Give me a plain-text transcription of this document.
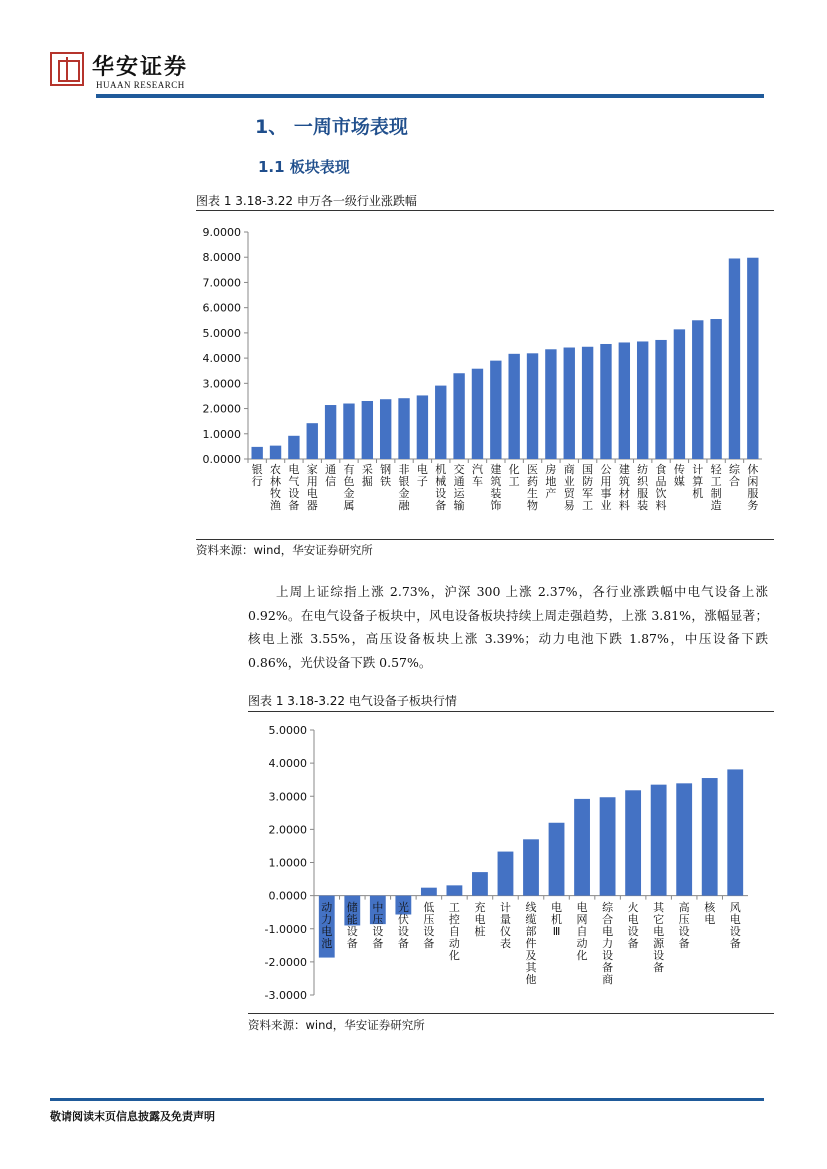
华安证券
HUAAN RESEARCH
1、 一周市场表现
1.1 板块表现
图表 1 3.18-3.22 申万各一级行业涨跌幅
0.0000
1.0000
2.0000
3.0000
4.0000
5.0000
6.0000
7.0000
8.0000
9.0000
银行
农林牧渔
电气设备
家用电器
通信
有色金属
采掘
钢铁
非银金融
电子
机械设备
交通运输
汽车
建筑装饰
化工
医药生物
房地产
商业贸易
国防军工
公用事业
建筑材料
纺织服装
食品饮料
传媒
计算机
轻工制造
综合
休闲服务
资料来源：wind，华安证券研究所
上周上证综指上涨 2.73%，沪深 300 上涨 2.37%，各行业涨跌幅中电气设备上涨 0.92%。在电气设备子板块中，风电设备板块持续上周走强趋势，上涨 3.81%，涨幅显著；核电上涨 3.55%，高压设备板块上涨 3.39%；动力电池下跌 1.87%，中压设备下跌 0.86%，光伏设备下跌 0.57%。
图表 1 3.18-3.22 电气设备子板块行情
-3.0000
-2.0000
-1.0000
0.0000
1.0000
2.0000
3.0000
4.0000
5.0000
动力电池
储能设备
中压设备
光伏设备
低压设备
工控自动化
充电桩
计量仪表
线缆部件及其他
电机 Ⅲ
电网自动化
综合电力设备商
火电设备
其它电源设备
高压设备
核电
风电设备
资料来源：wind，华安证券研究所
敬请阅读末页信息披露及免责声明
